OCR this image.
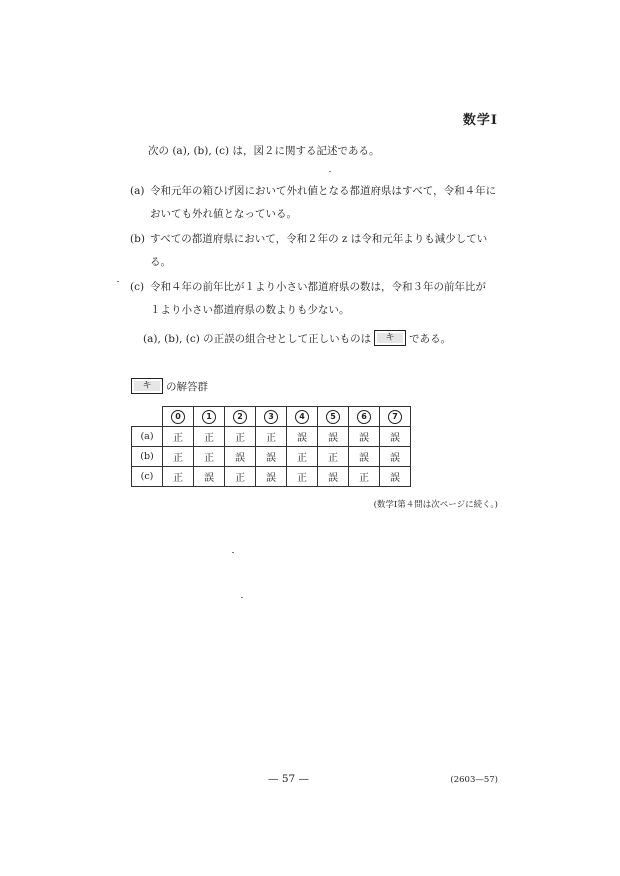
数学Ⅰ
次の (a), (b), (c) は，図２に関する記述である。
(a) 令和元年の箱ひげ図において外れ値となる都道府県はすべて，令和４年に
おいても外れ値となっている。
(b) すべての都道府県において，令和２年の z は令和元年よりも減少してい
る。
(c) 令和４年の前年比が１より小さい都道府県の数は，令和３年の前年比が
１より小さい都道府県の数よりも少ない。
(a), (b), (c) の正誤の組合せとして正しいものは	キ	である。
キ	の解答群
	0	1	2	3	4	5	6	7
(a)	正	正	正	正	誤	誤	誤	誤
(b)	正	正	誤	誤	正	正	誤	誤
(c)	正	誤	正	誤	正	誤	正	誤
(数学Ⅰ第４問は次ページに続く。)
— 57 —	(2603—57)
